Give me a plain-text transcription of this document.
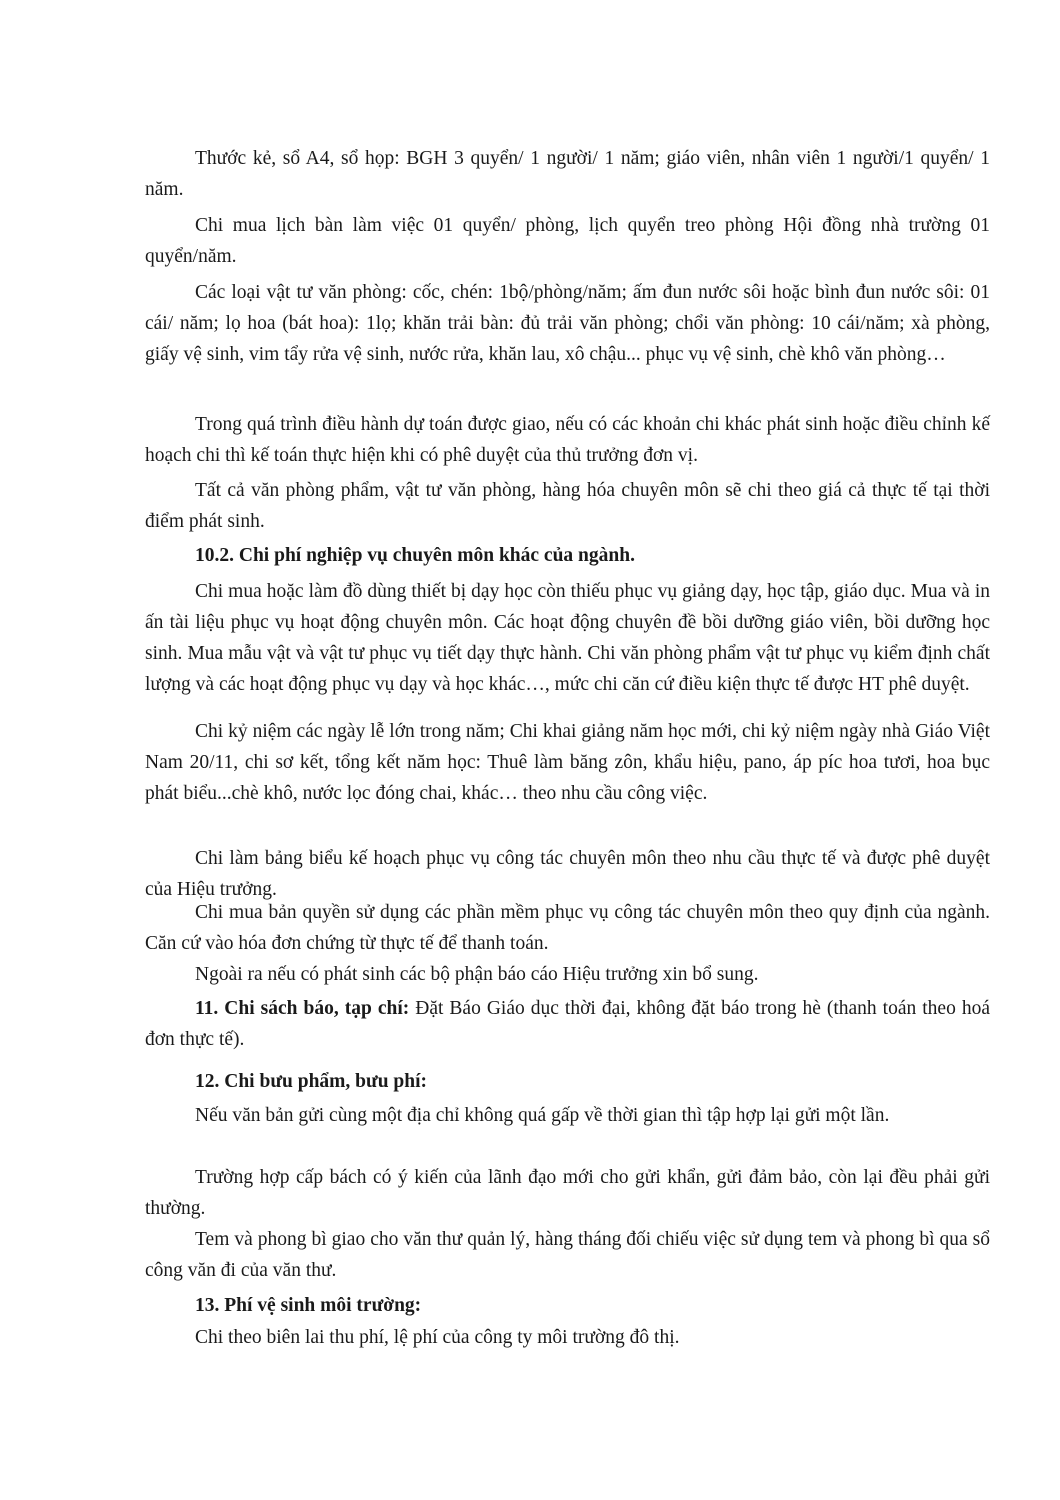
Thước kẻ, sổ A4, sổ họp: BGH 3 quyển/ 1 người/ 1 năm; giáo viên, nhân viên 1 người/1 quyển/ 1 năm.

Chi mua lịch bàn làm việc 01 quyển/ phòng, lịch quyển treo phòng Hội đồng nhà trường 01 quyển/năm.

Các loại vật tư văn phòng: cốc, chén: 1bộ/phòng/năm; ấm đun nước sôi hoặc bình đun nước sôi: 01 cái/ năm; lọ hoa (bát hoa): 1lọ; khăn trải bàn: đủ trải văn phòng; chổi văn phòng: 10 cái/năm; xà phòng, giấy vệ sinh, vim tẩy rửa vệ sinh, nước rửa, khăn lau, xô chậu... phục vụ vệ sinh, chè khô văn phòng…

Trong quá trình điều hành dự toán được giao, nếu có các khoản chi khác phát sinh hoặc điều chỉnh kế hoạch chi thì kế toán thực hiện khi có phê duyệt của thủ trưởng đơn vị.

Tất cả văn phòng phẩm, vật tư văn phòng, hàng hóa chuyên môn sẽ chi theo giá cả thực tế tại thời điểm phát sinh.

10.2. Chi phí nghiệp vụ chuyên môn khác của ngành.

Chi mua hoặc làm đồ dùng thiết bị dạy học còn thiếu phục vụ giảng dạy, học tập, giáo dục. Mua và in ấn tài liệu phục vụ hoạt động chuyên môn. Các hoạt động chuyên đề bồi dưỡng giáo viên, bồi dưỡng học sinh. Mua mẫu vật và vật tư phục vụ tiết dạy thực hành. Chi văn phòng phẩm vật tư phục vụ kiểm định chất lượng và các hoạt động phục vụ dạy và học khác…, mức chi căn cứ điều kiện thực tế được HT phê duyệt.

Chi kỷ niệm các ngày lễ lớn trong năm; Chi khai giảng năm học mới, chi kỷ niệm ngày nhà Giáo Việt Nam 20/11, chi sơ kết, tổng kết năm học: Thuê làm băng zôn, khẩu hiệu, pano, áp píc hoa tươi, hoa bục phát biểu...chè khô, nước lọc đóng chai, khác… theo nhu cầu công việc.

Chi làm bảng biểu kế hoạch phục vụ công tác chuyên môn theo nhu cầu thực tế và được phê duyệt của Hiệu trưởng.

Chi mua bản quyền sử dụng các phần mềm phục vụ công tác chuyên môn theo quy định của ngành. Căn cứ vào hóa đơn chứng từ thực tế để thanh toán.

Ngoài ra nếu có phát sinh các bộ phận báo cáo Hiệu trưởng xin bổ sung.

11. Chi sách báo, tạp chí: Đặt Báo Giáo dục thời đại, không đặt báo trong hè (thanh toán theo hoá đơn thực tế).

12. Chi bưu phẩm, bưu phí:

Nếu văn bản gửi cùng một địa chỉ không quá gấp về thời gian thì tập hợp lại gửi một lần.

Trường hợp cấp bách có ý kiến của lãnh đạo mới cho gửi khẩn, gửi đảm bảo, còn lại đều phải gửi thường.

Tem và phong bì giao cho văn thư quản lý, hàng tháng đối chiếu việc sử dụng tem và phong bì qua sổ công văn đi của văn thư.

13. Phí vệ sinh môi trường:

Chi theo biên lai thu phí, lệ phí của công ty môi trường đô thị.
